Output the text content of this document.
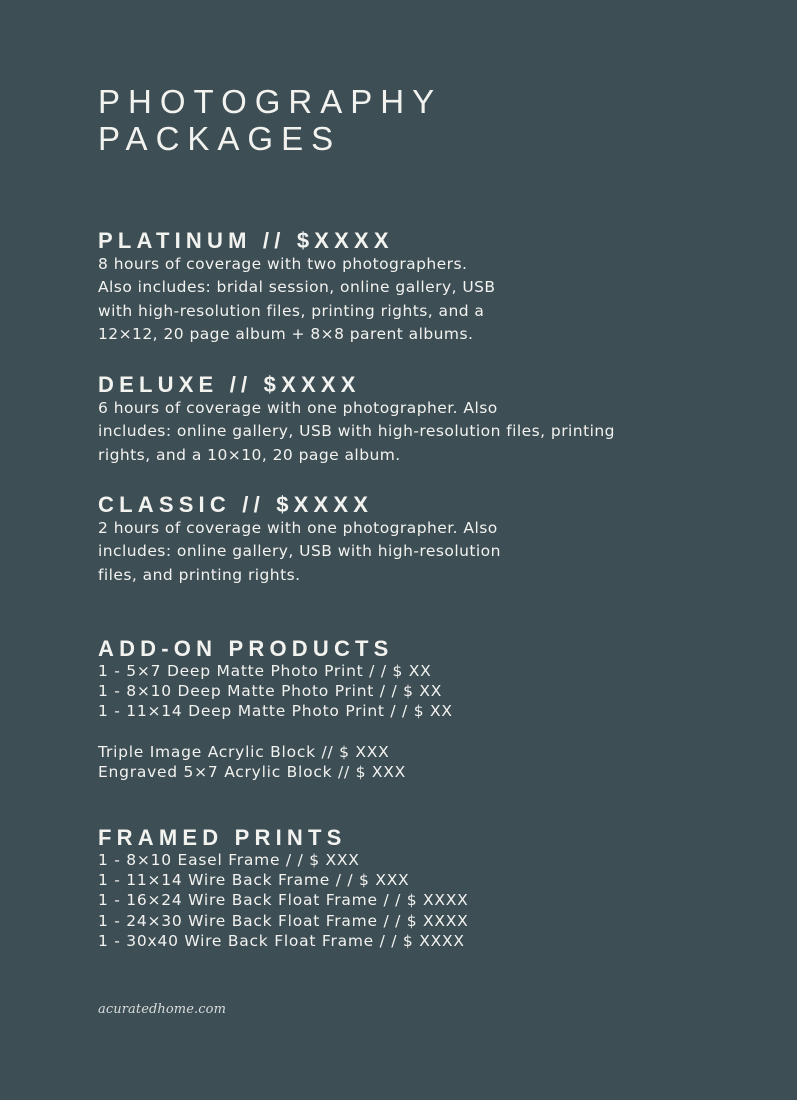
PHOTOGRAPHY
PACKAGES
PLATINUM // $XXXX

8 hours of coverage with two photographers.
Also includes: bridal session, online gallery, USB
with high-resolution files, printing rights, and a
12×12, 20 page album + 8×8 parent albums.

DELUXE // $XXXX

6 hours of coverage with one photographer. Also
includes: online gallery, USB with high-resolution files, printing
rights, and a 10×10, 20 page album.

CLASSIC // $XXXX

2 hours of coverage with one photographer. Also
includes: online gallery, USB with high-resolution
files, and printing rights.

ADD-ON PRODUCTS

1 - 5×7 Deep Matte Photo Print / / $ XX
1 - 8×10 Deep Matte Photo Print / / $ XX
1 - 11×14 Deep Matte Photo Print / / $ XX

Triple Image Acrylic Block // $ XXX
Engraved 5×7 Acrylic Block // $ XXX

FRAMED PRINTS

1 - 8×10 Easel Frame / / $ XXX
1 - 11×14 Wire Back Frame / / $ XXX
1 - 16×24 Wire Back Float Frame / / $ XXXX
1 - 24×30 Wire Back Float Frame / / $ XXXX
1 - 30x40 Wire Back Float Frame / / $ XXXX

acuratedhome.com
